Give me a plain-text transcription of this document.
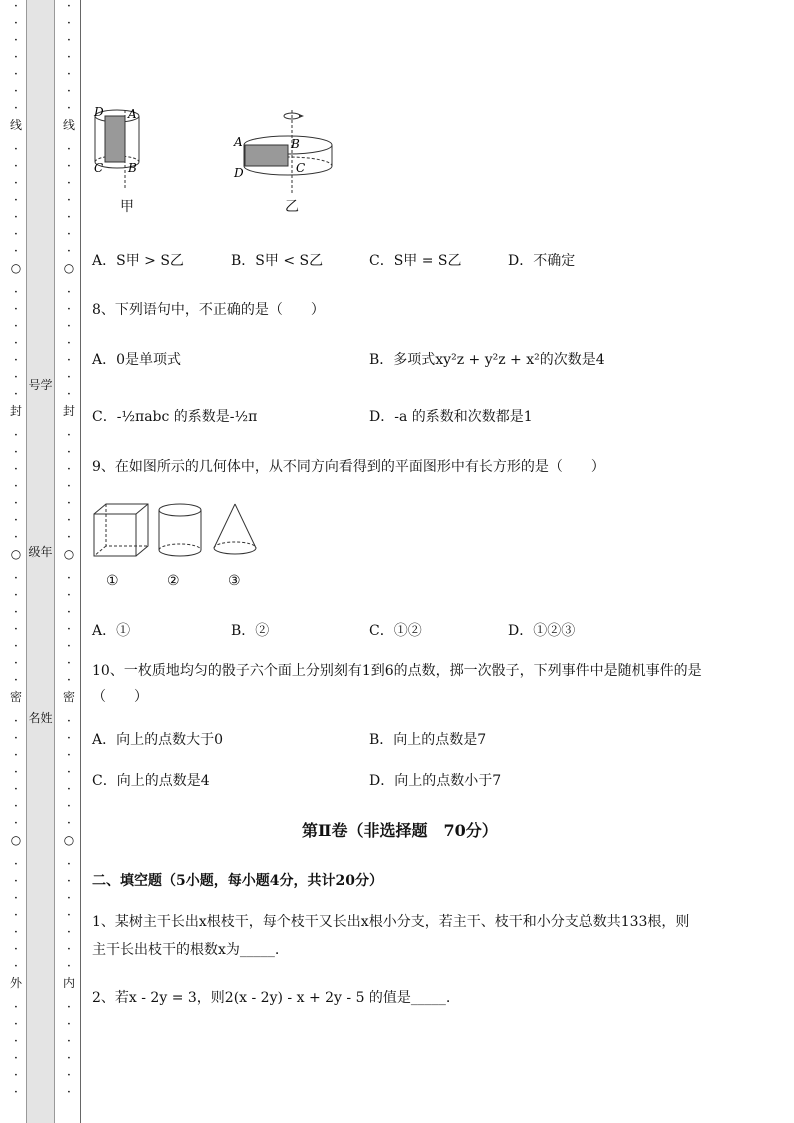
·
·
·
·
·
·
·
线
·
·
·
·
·
·
·
○
·
·
·
·
·
·
·
封
·
·
·
·
·
·
·
○
·
·
·
·
·
·
·
密
·
·
·
·
·
·
·
○
·
·
·
·
·
·
·
外
·
·
·
·
·
·
号学
级年
名姓
·
·
·
·
·
·
·
线
·
·
·
·
·
·
·
○
·
·
·
·
·
·
·
封
·
·
·
·
·
·
·
○
·
·
·
·
·
·
·
密
·
·
·
·
·
·
·
○
·
·
·
·
·
·
·
内
·
·
·
·
·
·
D A
C B
A	B
D	C
甲	乙
A．S甲 > S乙	B．S甲 < S乙	C．S甲 = S乙	D．不确定
8、下列语句中，不正确的是（　　）
A．0是单项式	B．多项式xy²z + y²z + x²的次数是4
C．-½πabc 的系数是-½π	D．-a 的系数和次数都是1
9、在如图所示的几何体中，从不同方向看得到的平面图形中有长方形的是（　　）
①	②	③
A．①	B．②	C．①②	D．①②③
10、一枚质地均匀的骰子六个面上分别刻有1到6的点数，掷一次骰子，下列事件中是随机事件的是
（　　）
A．向上的点数大于0	B．向上的点数是7
C．向上的点数是4	D．向上的点数小于7
第Ⅱ卷（非选择题　70分）
二、填空题（5小题，每小题4分，共计20分）
1、某树主干长出x根枝干，每个枝干又长出x根小分支，若主干、枝干和小分支总数共133根，则
主干长出枝干的根数x为_____.
2、若x - 2y = 3，则2(x - 2y) - x + 2y - 5 的值是_____.
